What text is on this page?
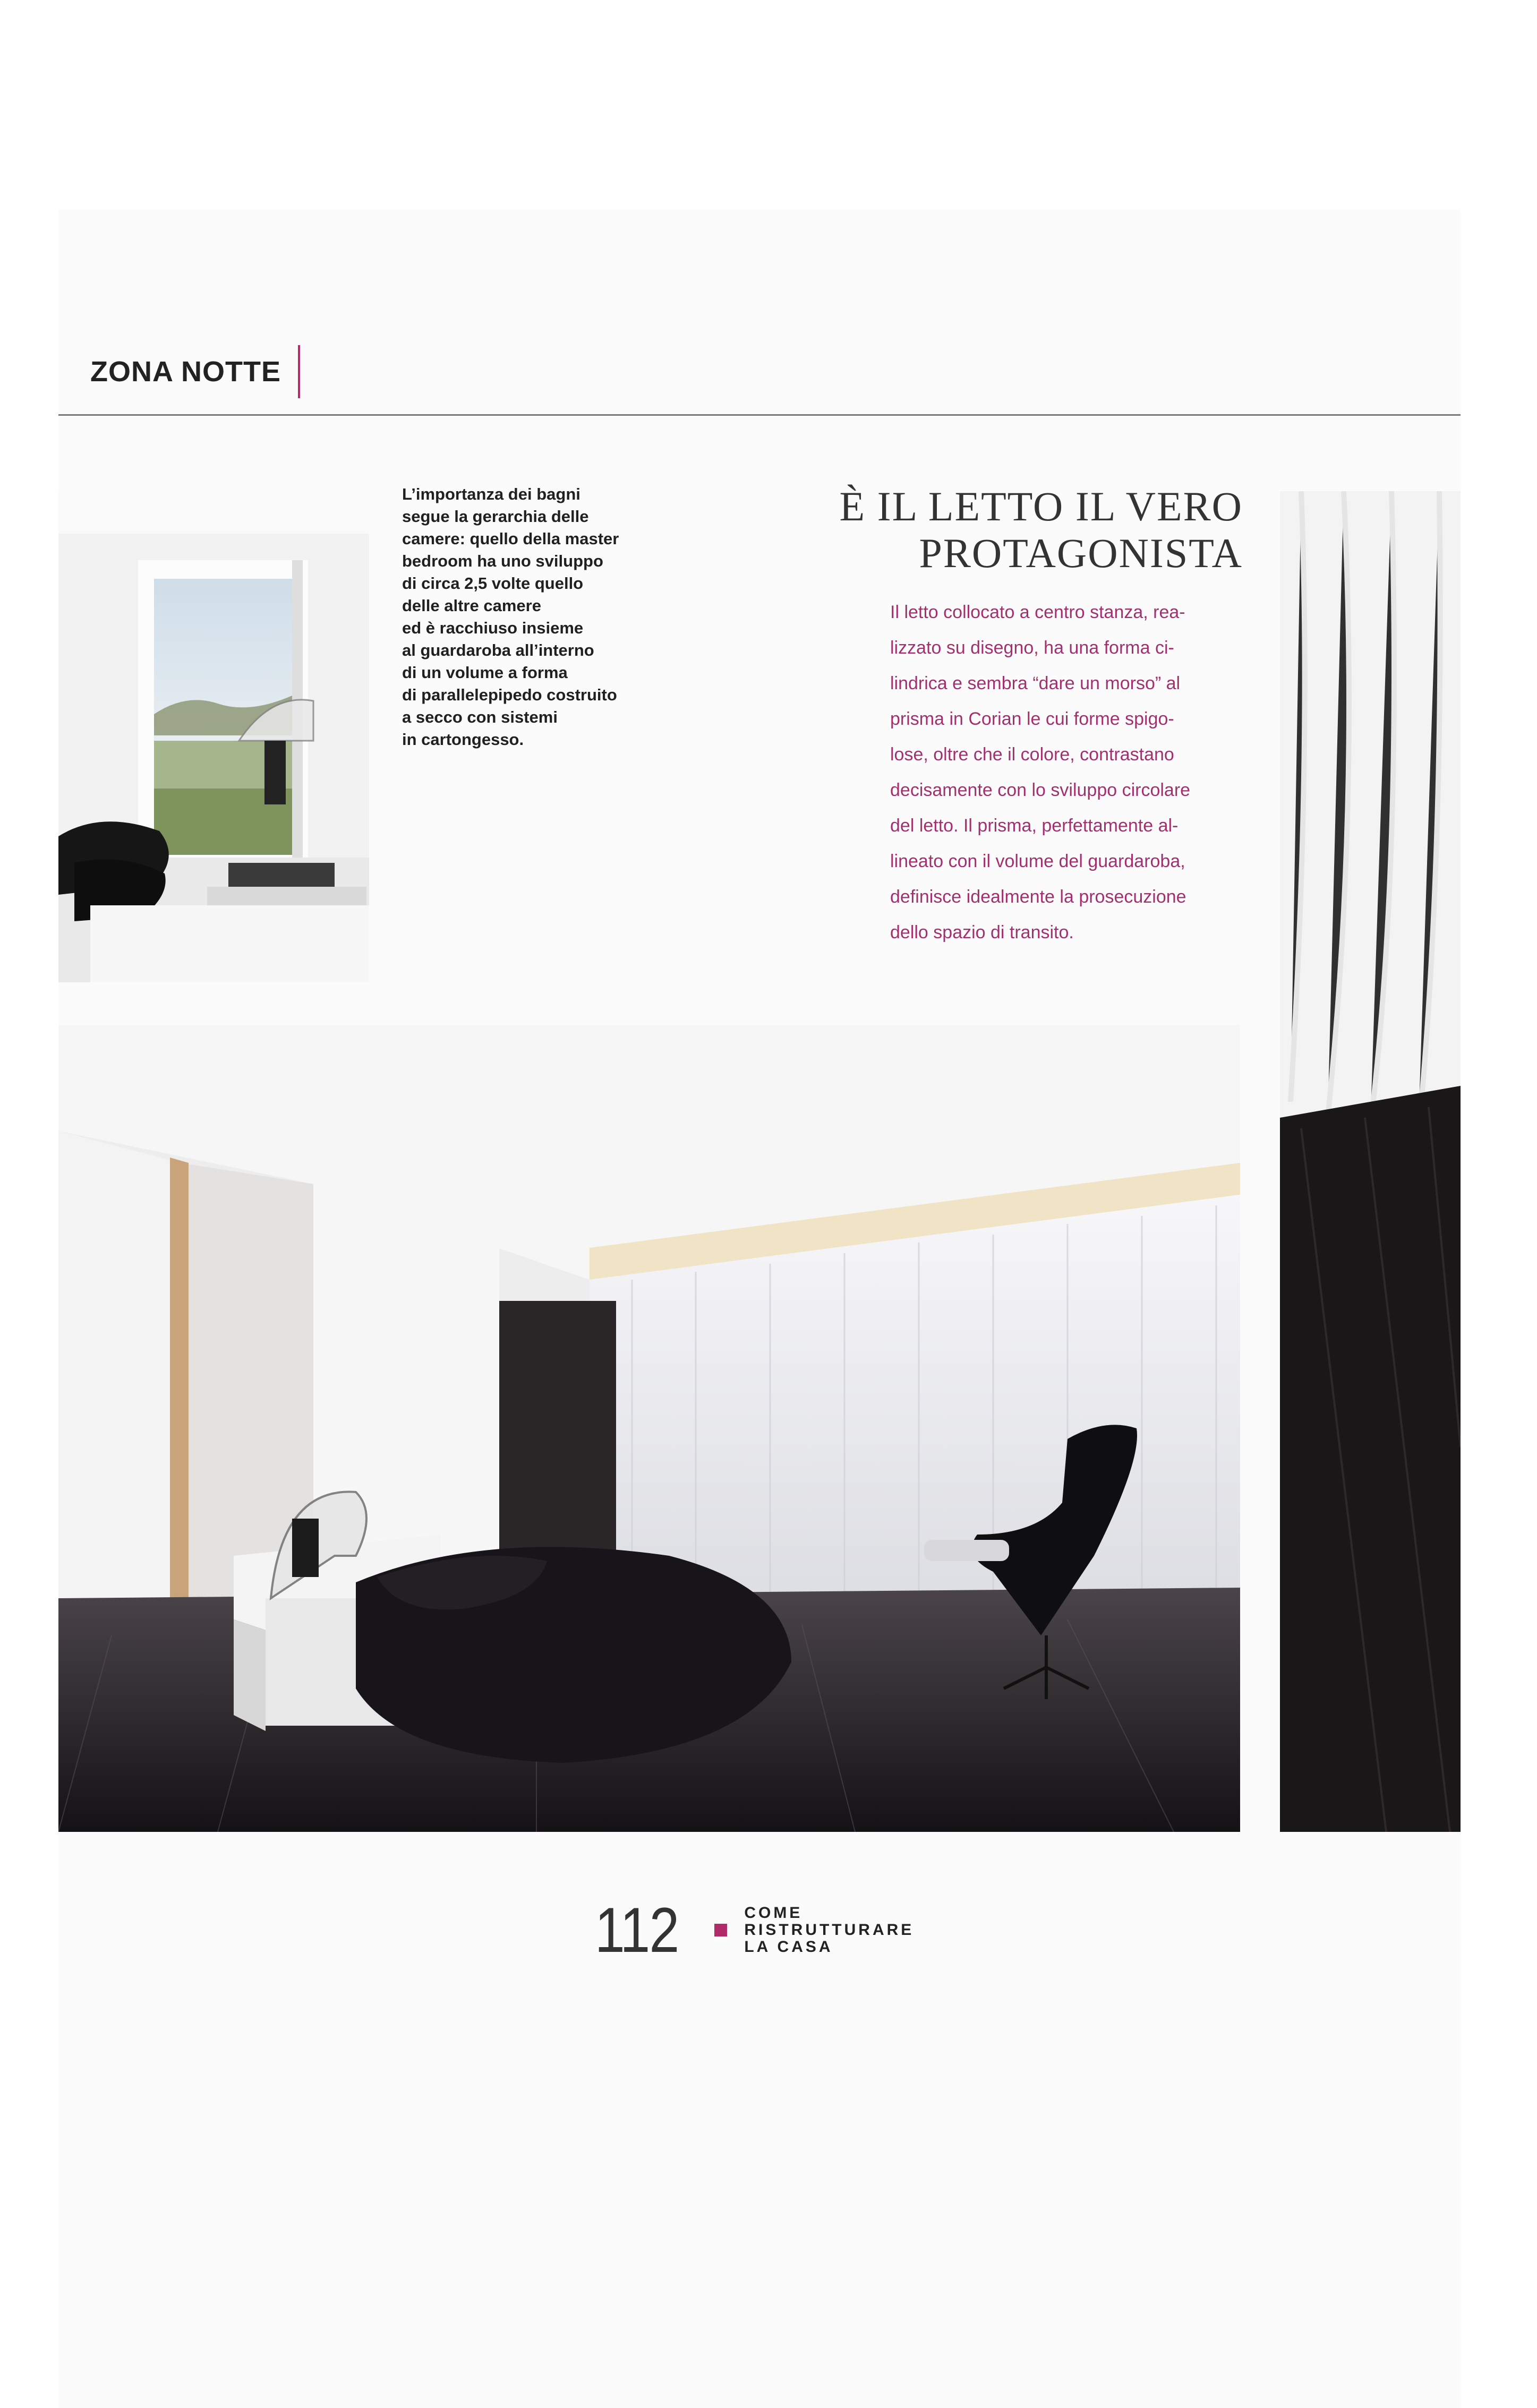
ZONA NOTTE

L’importanza dei bagni

segue la gerarchia delle

camere: quello della master

bedroom ha uno sviluppo

di circa 2,5 volte quello

delle altre camere

ed è racchiuso insieme

al guardaroba all’interno

di un volume a forma

di parallelepipedo costruito

a secco con sistemi

in cartongesso.

È IL LETTO IL VERO
PROTAGONISTA
Il letto collocato a centro stanza, rea-
lizzato su disegno, ha una forma ci-
lindrica e sembra “dare un morso” al
prisma in Corian le cui forme spigo-
lose, oltre che il colore, contrastano
decisamente con lo sviluppo circolare
del letto. Il prisma, perfettamente al-
lineato con il volume del guardaroba,
definisce idealmente la prosecuzione
dello spazio di transito.
112	COME
RISTRUTTURARE
LA CASA
